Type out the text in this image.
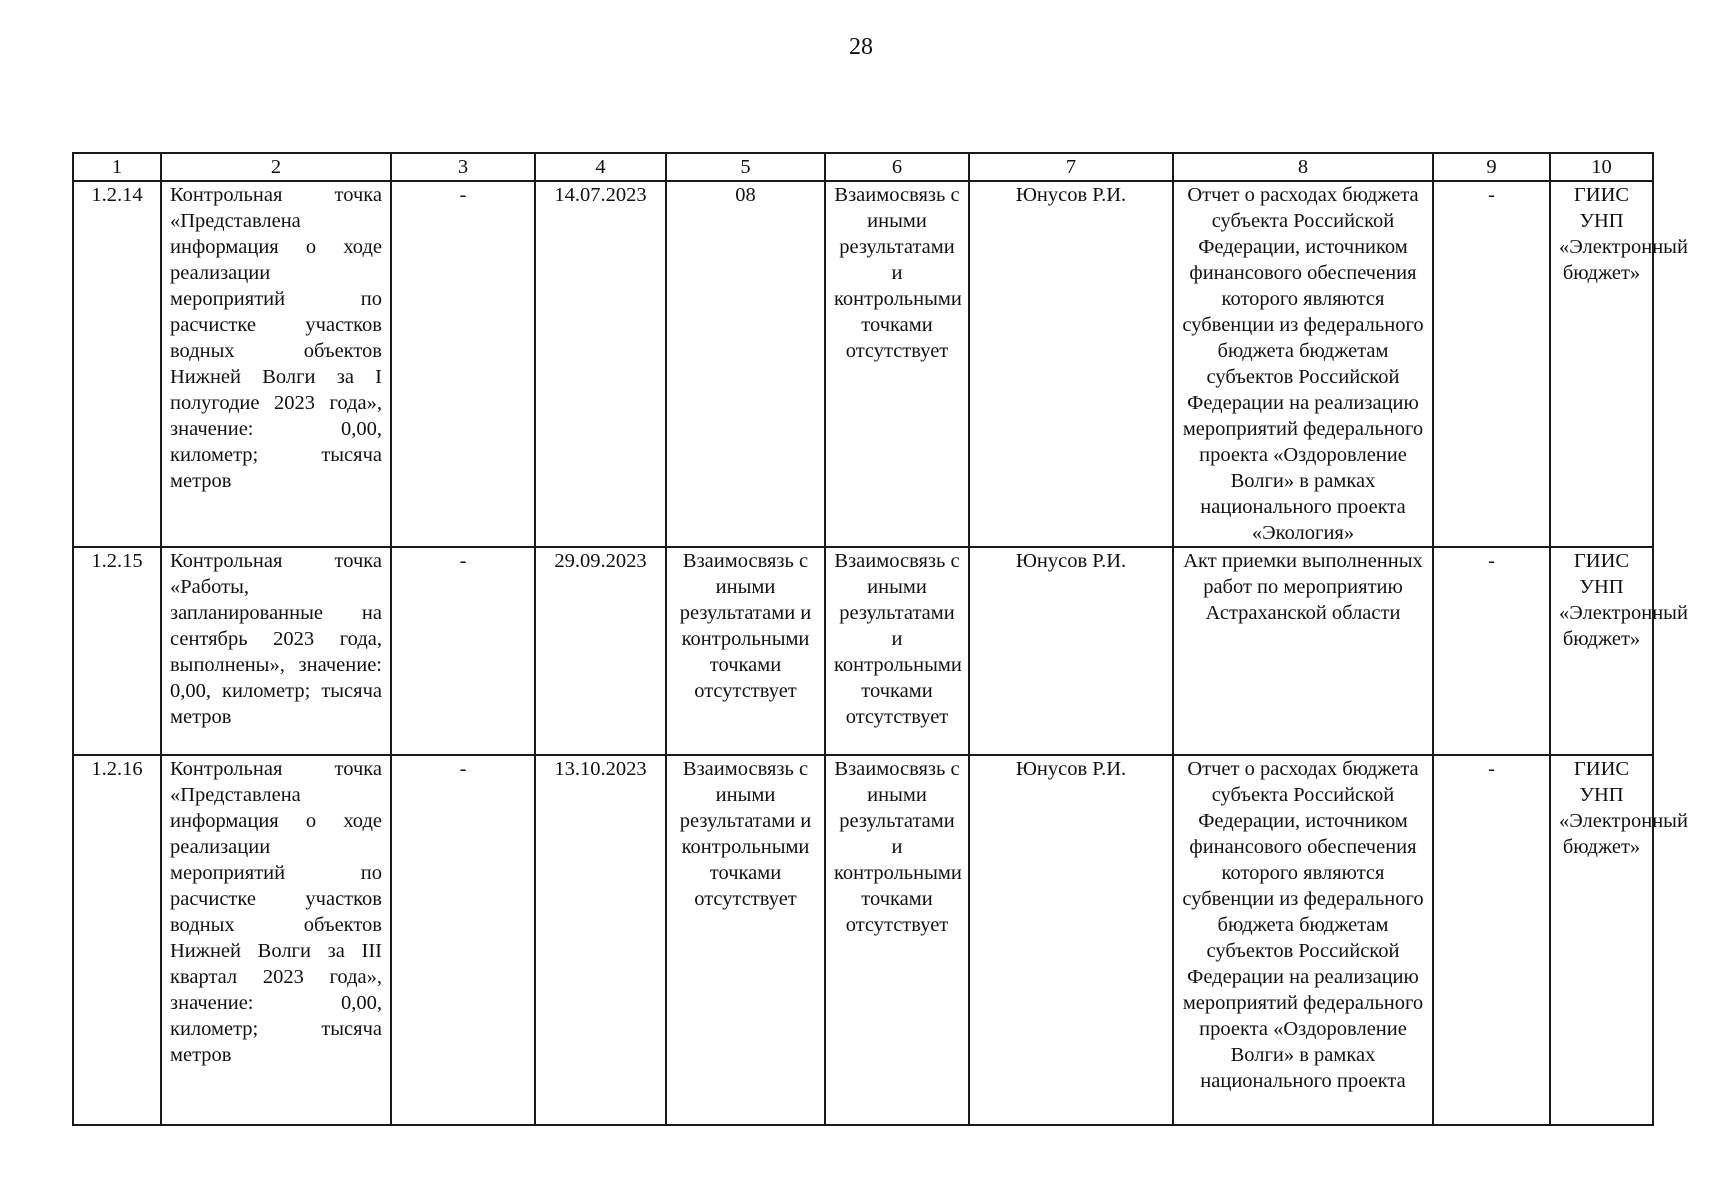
28
1	2	3	4	5	6	7	8	9	10
1.2.14	Контрольная точка «Представлена информация о ходе реализации мероприятий по расчистке участков водных объектов Нижней Волги за I полугодие 2023 года», значение: 0,00, километр; тысяча метров	-	14.07.2023	08	Взаимосвязь с иными результатами и контрольными точками отсутствует	Юнусов Р.И.	Отчет о расходах бюджета субъекта Российской Федерации, источником финансового обеспечения которого являются субвенции из федерального бюджета бюджетам субъектов Российской Федерации на реализацию мероприятий федерального проекта «Оздоровление Волги» в рамках национального проекта «Экология»	-	ГИИС УНП «Электронный бюджет»
1.2.15	Контрольная точка «Работы, запланированные на сентябрь 2023 года, выполнены», значение: 0,00, километр; тысяча метров	-	29.09.2023	Взаимосвязь с иными результатами и контрольными точками отсутствует	Взаимосвязь с иными результатами и контрольными точками отсутствует	Юнусов Р.И.	Акт приемки выполненных работ по мероприятию Астраханской области	-	ГИИС УНП «Электронный бюджет»
1.2.16	Контрольная точка «Представлена информация о ходе реализации мероприятий по расчистке участков водных объектов Нижней Волги за III квартал 2023 года», значение: 0,00, километр; тысяча метров	-	13.10.2023	Взаимосвязь с иными результатами и контрольными точками отсутствует	Взаимосвязь с иными результатами и контрольными точками отсутствует	Юнусов Р.И.	Отчет о расходах бюджета субъекта Российской Федерации, источником финансового обеспечения которого являются субвенции из федерального бюджета бюджетам субъектов Российской Федерации на реализацию мероприятий федерального проекта «Оздоровление Волги» в рамках национального проекта	-	ГИИС УНП «Электронный бюджет»
